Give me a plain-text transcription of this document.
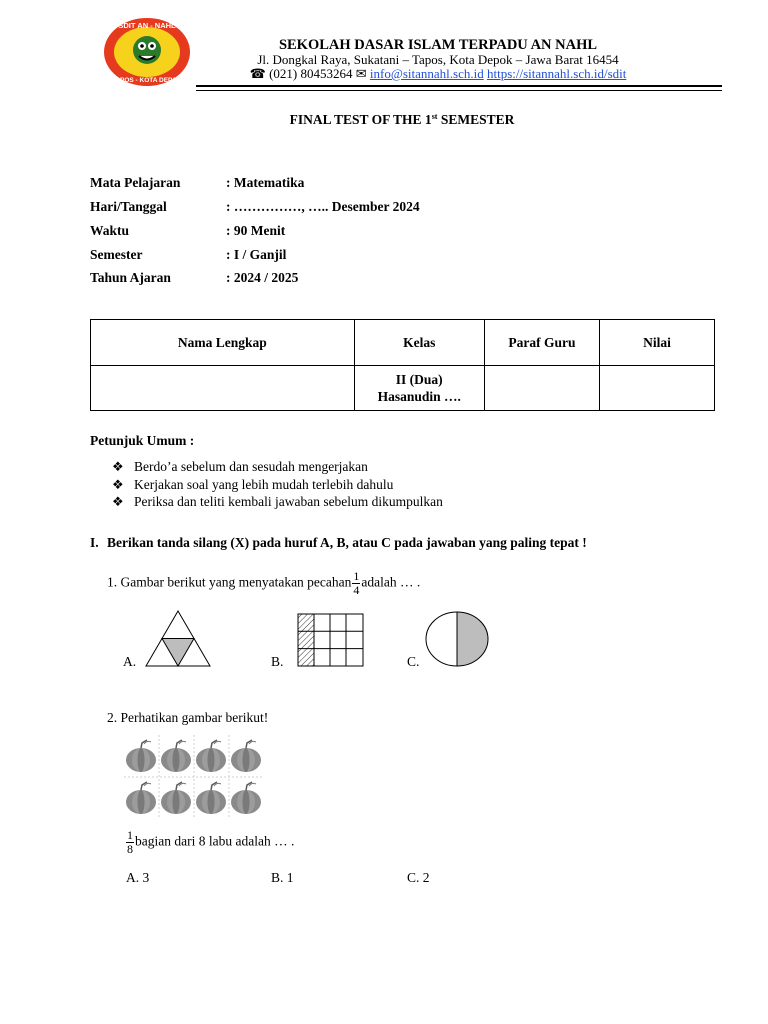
SDIT AN - NAHL
TAPOS - KOTA DEPOK
SEKOLAH DASAR ISLAM TERPADU AN NAHL
Jl. Dongkal Raya, Sukatani – Tapos, Kota Depok – Jawa Barat 16454
☎ (021) 80453264 ✉ info@sitannahl.sch.id https://sitannahl.sch.id/sdit
FINAL TEST OF THE 1st SEMESTER
Mata Pelajaran	: Matematika
Hari/Tanggal	: ……………, ….. Desember 2024
Waktu	: 90 Menit
Semester	: I / Ganjil
Tahun Ajaran	: 2024 / 2025
Nama Lengkap	Kelas	Paraf Guru	Nilai
	II (Dua)
Hasanudin ….		
Petunjuk Umum :
❖ Berdo’a sebelum dan sesudah mengerjakan
❖ Kerjakan soal yang lebih mudah terlebih dahulu
❖ Periksa dan teliti kembali jawaban sebelum dikumpulkan
I. Berikan tanda silang (X) pada huruf A, B, atau C pada jawaban yang paling tepat !
1. Gambar berikut yang menyatakan pecahan $\frac{1}{4}$ adalah … .
A.	B.	C.
2. Perhatikan gambar berikut!
$\frac{1}{8}$ bagian dari 8 labu adalah … .
A. 3	B. 1	C. 2
